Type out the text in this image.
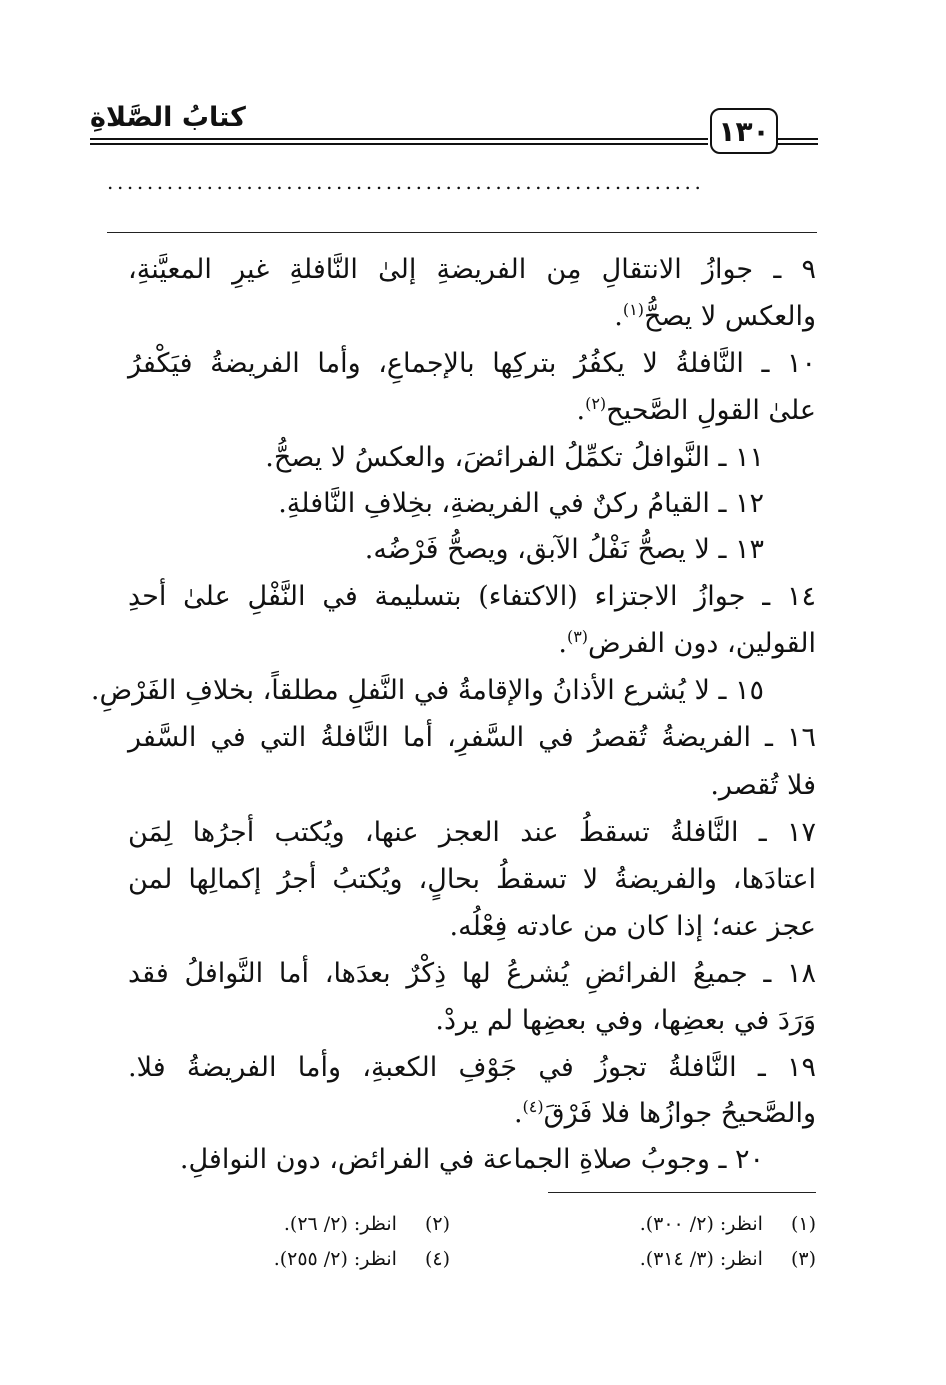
كتابُ الصَّلاةِ	١٣٠
............................................................
٩ ـ جوازُ الانتقالِ مِن الفريضةِ إلىٰ النَّافلةِ غيرِ المعيَّنةِ،
والعكس لا يصحُّ$^{(١)}$.
١٠ ـ النَّافلةُ لا يكفُرُ بتركِها بالإجماعِ، وأما الفريضةُ فيَكْفرُ
علىٰ القولِ الصَّحيح$^{(٢)}$.
١١ ـ النَّوافلُ تكمِّلُ الفرائضَ، والعكسُ لا يصحُّ.
١٢ ـ القيامُ ركنٌ في الفريضةِ، بخِلافِ النَّافلةِ.
١٣ ـ لا يصحُّ نَفْلُ الآبق، ويصحُّ فَرْضُه.
١٤ ـ جوازُ الاجتزاء (الاكتفاء) بتسليمة في النَّفْلِ علىٰ أحدِ
القولين، دون الفرض$^{(٣)}$.
١٥ ـ لا يُشرع الأذانُ والإقامةُ في النَّفلِ مطلقاً، بخلافِ الفَرْضِ.
١٦ ـ الفريضةُ تُقصرُ في السَّفرِ، أما النَّافلةُ التي في السَّفر
فلا تُقصر.
١٧ ـ النَّافلةُ تسقطُ عند العجز عنها، ويُكتب أجرُها لِمَن
اعتادَها، والفريضةُ لا تسقطُ بحالٍ، ويُكتبُ أجرُ إكمالِها لمن
عجز عنه؛ إذا كان من عادته فِعْلُه.
١٨ ـ جميعُ الفرائضِ يُشرعُ لها ذِكْرٌ بعدَها، أما النَّوافلُ فقد
وَرَدَ في بعضِها، وفي بعضِها لم يردْ.
١٩ ـ النَّافلةُ تجوزُ في جَوْفِ الكعبةِ، وأما الفريضةُ فلا.
والصَّحيحُ جوازُها فلا فَرْقَ$^{(٤)}$.
٢٠ ـ وجوبُ صلاةِ الجماعة في الفرائض، دون النوافلِ.
(١)انظر: (٢/ ٣٠٠).
(٢)انظر: (٢/ ٢٦).
(٣)انظر: (٣/ ٣١٤).
(٤)انظر: (٢/ ٢٥٥).
